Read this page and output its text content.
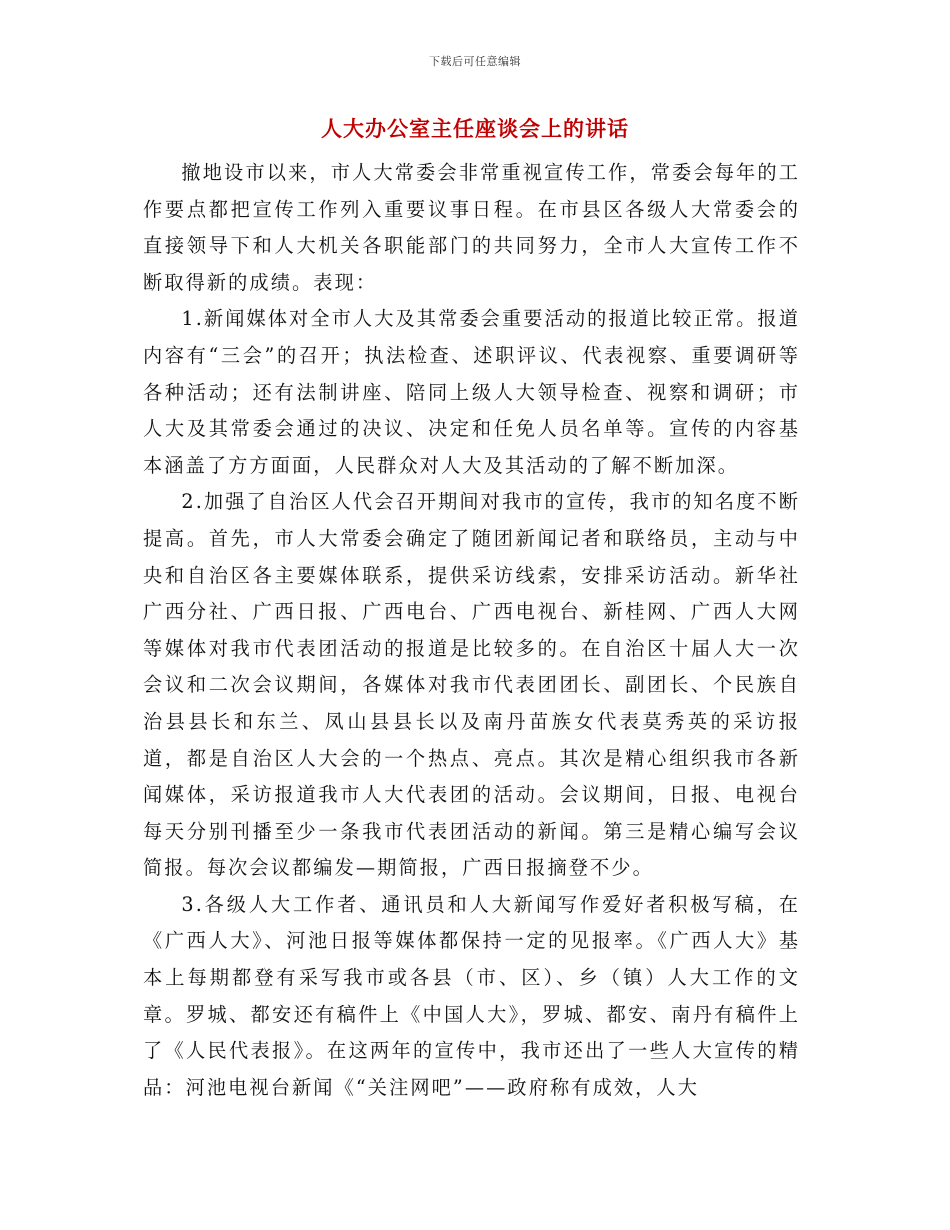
下载后可任意编辑
人大办公室主任座谈会上的讲话

撤地设市以来，市人大常委会非常重视宣传工作，常委会每年的工作要点都把宣传工作列入重要议事日程。在市县区各级人大常委会的直接领导下和人大机关各职能部门的共同努力，全市人大宣传工作不断取得新的成绩。表现：

1.新闻媒体对全市人大及其常委会重要活动的报道比较正常。报道内容有“三会”的召开；执法检查、述职评议、代表视察、重要调研等各种活动；还有法制讲座、陪同上级人大领导检查、视察和调研；市人大及其常委会通过的决议、决定和任免人员名单等。宣传的内容基本涵盖了方方面面，人民群众对人大及其活动的了解不断加深。

2.加强了自治区人代会召开期间对我市的宣传，我市的知名度不断提高。首先，市人大常委会确定了随团新闻记者和联络员，主动与中央和自治区各主要媒体联系，提供采访线索，安排采访活动。新华社广西分社、广西日报、广西电台、广西电视台、新桂网、广西人大网等媒体对我市代表团活动的报道是比较多的。在自治区十届人大一次会议和二次会议期间，各媒体对我市代表团团长、副团长、个民族自治县县长和东兰、凤山县县长以及南丹苗族女代表莫秀英的采访报道，都是自治区人大会的一个热点、亮点。其次是精心组织我市各新闻媒体，采访报道我市人大代表团的活动。会议期间，日报、电视台每天分别刊播至少一条我市代表团活动的新闻。第三是精心编写会议简报。每次会议都编发—期简报，广西日报摘登不少。

3.各级人大工作者、通讯员和人大新闻写作爱好者积极写稿，在《广西人大》、河池日报等媒体都保持一定的见报率。《广西人大》基本上每期都登有采写我市或各县（市、区）、乡（镇）人大工作的文章。罗城、都安还有稿件上《中国人大》，罗城、都安、南丹有稿件上了《人民代表报》。在这两年的宣传中，我市还出了一些人大宣传的精品：河池电视台新闻《“关注网吧”——政府称有成效，人大
